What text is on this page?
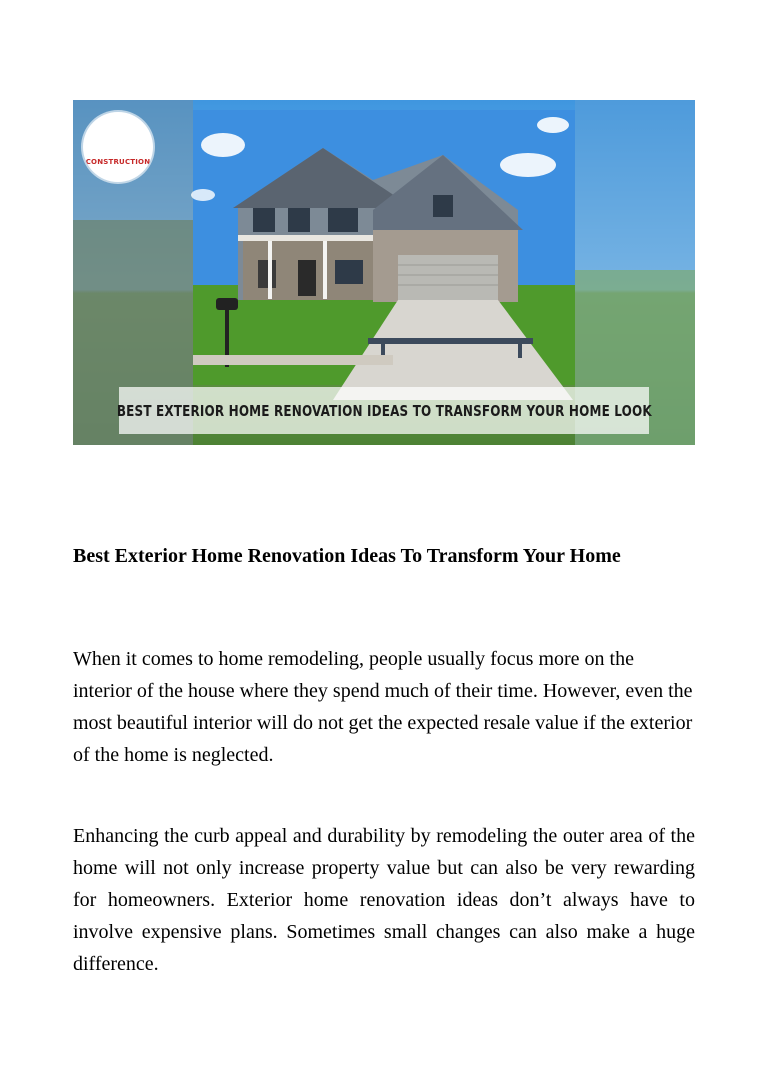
CONSTRUCTION
BEST EXTERIOR HOME RENOVATION IDEAS TO TRANSFORM YOUR HOME LOOK
Best Exterior Home Renovation Ideas To Transform Your Home

When it comes to home remodeling, people usually focus more on the interior of the house where they spend much of their time. However, even the most beautiful interior will do not get the expected resale value if the exterior of the home is neglected.

Enhancing the curb appeal and durability by remodeling the outer area of the home will not only increase property value but can also be very rewarding for homeowners. Exterior home renovation ideas don’t always have to involve expensive plans. Sometimes small changes can also make a huge difference.
